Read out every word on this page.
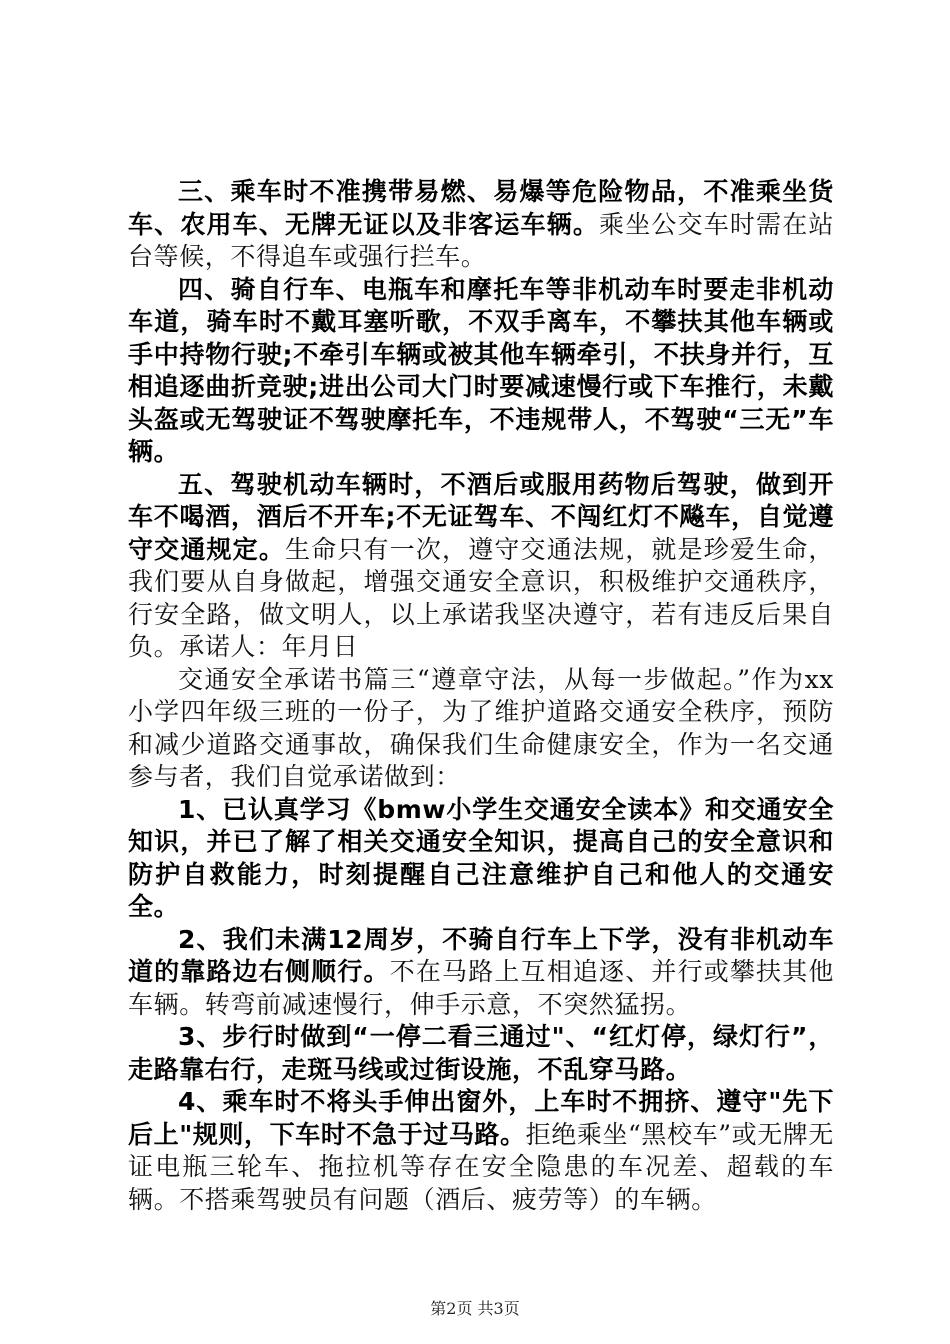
三、乘车时不准携带易燃、易爆等危险物品，不准乘坐货车、农用车、无牌无证以及非客运车辆。乘坐公交车时需在站台等候，不得追车或强行拦车。

四、骑自行车、电瓶车和摩托车等非机动车时要走非机动车道，骑车时不戴耳塞听歌，不双手离车，不攀扶其他车辆或手中持物行驶;不牵引车辆或被其他车辆牵引，不扶身并行，互相追逐曲折竞驶;进出公司大门时要减速慢行或下车推行，未戴头盔或无驾驶证不驾驶摩托车，不违规带人，不驾驶“三无”车辆。

五、驾驶机动车辆时，不酒后或服用药物后驾驶，做到开车不喝酒，酒后不开车;不无证驾车、不闯红灯不飚车，自觉遵守交通规定。生命只有一次，遵守交通法规，就是珍爱生命，我们要从自身做起，增强交通安全意识，积极维护交通秩序，行安全路，做文明人，以上承诺我坚决遵守，若有违反后果自负。承诺人：年月日

交通安全承诺书篇三“遵章守法，从每一步做起。”作为xx小学四年级三班的一份子，为了维护道路交通安全秩序，预防和减少道路交通事故，确保我们生命健康安全，作为一名交通参与者，我们自觉承诺做到：

1、已认真学习《bmw小学生交通安全读本》和交通安全知识，并已了解了相关交通安全知识，提高自己的安全意识和防护自救能力，时刻提醒自己注意维护自己和他人的交通安全。

2、我们未满12周岁，不骑自行车上下学，没有非机动车道的靠路边右侧顺行。不在马路上互相追逐、并行或攀扶其他车辆。转弯前减速慢行，伸手示意，不突然猛拐。

3、步行时做到“一停二看三通过"、“红灯停，绿灯行”，走路靠右行，走斑马线或过街设施，不乱穿马路。

4、乘车时不将头手伸出窗外，上车时不拥挤、遵守"先下后上"规则，下车时不急于过马路。拒绝乘坐“黑校车”或无牌无证电瓶三轮车、拖拉机等存在安全隐患的车况差、超载的车辆。不搭乘驾驶员有问题（酒后、疲劳等）的车辆。

第2页 共3页
